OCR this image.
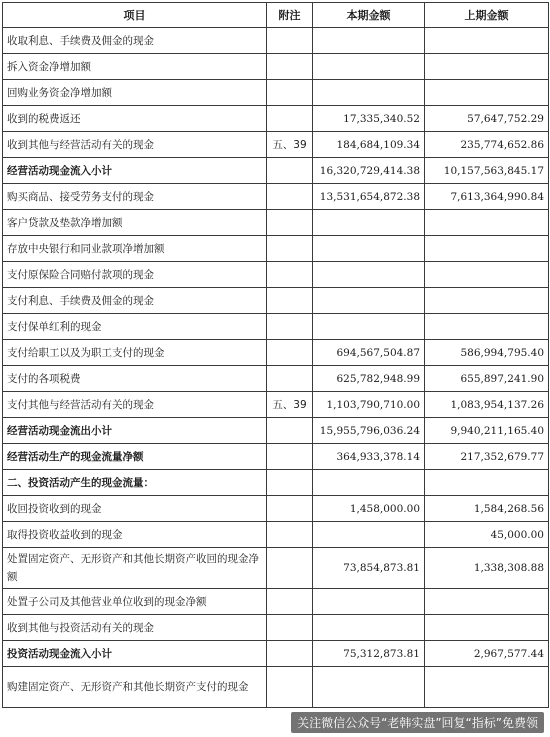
项目	附注	本期金额	上期金额
收取利息、手续费及佣金的现金			
拆入资金净增加额			
回购业务资金净增加额			
收到的税费返还		17,335,340.52	57,647,752.29
收到其他与经营活动有关的现金	五、39	184,684,109.34	235,774,652.86
经营活动现金流入小计		16,320,729,414.38	10,157,563,845.17
购买商品、接受劳务支付的现金		13,531,654,872.38	7,613,364,990.84
客户贷款及垫款净增加额			
存放中央银行和同业款项净增加额			
支付原保险合同赔付款项的现金			
支付利息、手续费及佣金的现金			
支付保单红利的现金			
支付给职工以及为职工支付的现金		694,567,504.87	586,994,795.40
支付的各项税费		625,782,948.99	655,897,241.90
支付其他与经营活动有关的现金	五、39	1,103,790,710.00	1,083,954,137.26
经营活动现金流出小计		15,955,796,036.24	9,940,211,165.40
经营活动生产的现金流量净额		364,933,378.14	217,352,679.77
二、投资活动产生的现金流量：			
收回投资收到的现金		1,458,000.00	1,584,268.56
取得投资收益收到的现金			45,000.00
处置固定资产、无形资产和其他长期资产收回的现金净额		73,854,873.81	1,338,308.88
处置子公司及其他营业单位收到的现金净额			
收到其他与投资活动有关的现金			
投资活动现金流入小计		75,312,873.81	2,967,577.44
购建固定资产、无形资产和其他长期资产支付的现金			
关注微信公众号“老韩实盘”回复“指标”免费领
